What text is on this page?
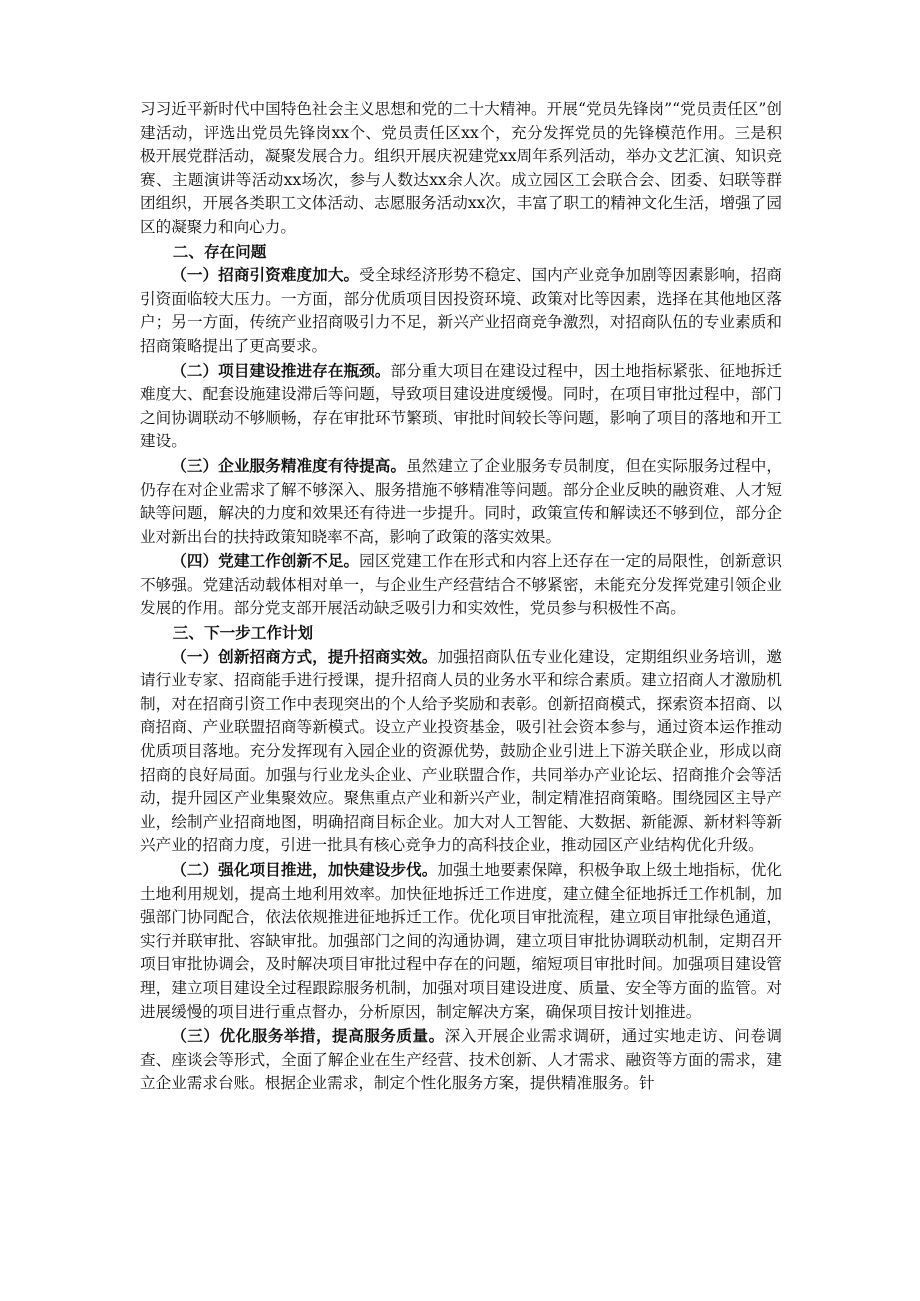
习习近平新时代中国特色社会主义思想和党的二十大精神。开展“党员先锋岗”“党员责任区”创建活动，评选出党员先锋岗xx个、党员责任区xx个，充分发挥党员的先锋模范作用。三是积极开展党群活动，凝聚发展合力。组织开展庆祝建党xx周年系列活动，举办文艺汇演、知识竞赛、主题演讲等活动xx场次，参与人数达xx余人次。成立园区工会联合会、团委、妇联等群团组织，开展各类职工文体活动、志愿服务活动xx次，丰富了职工的精神文化生活，增强了园区的凝聚力和向心力。

二、存在问题

（一）招商引资难度加大。受全球经济形势不稳定、国内产业竞争加剧等因素影响，招商引资面临较大压力。一方面，部分优质项目因投资环境、政策对比等因素，选择在其他地区落户；另一方面，传统产业招商吸引力不足，新兴产业招商竞争激烈，对招商队伍的专业素质和招商策略提出了更高要求。

（二）项目建设推进存在瓶颈。部分重大项目在建设过程中，因土地指标紧张、征地拆迁难度大、配套设施建设滞后等问题，导致项目建设进度缓慢。同时，在项目审批过程中，部门之间协调联动不够顺畅，存在审批环节繁琐、审批时间较长等问题，影响了项目的落地和开工建设。

（三）企业服务精准度有待提高。虽然建立了企业服务专员制度，但在实际服务过程中，仍存在对企业需求了解不够深入、服务措施不够精准等问题。部分企业反映的融资难、人才短缺等问题，解决的力度和效果还有待进一步提升。同时，政策宣传和解读还不够到位，部分企业对新出台的扶持政策知晓率不高，影响了政策的落实效果。

（四）党建工作创新不足。园区党建工作在形式和内容上还存在一定的局限性，创新意识不够强。党建活动载体相对单一，与企业生产经营结合不够紧密，未能充分发挥党建引领企业发展的作用。部分党支部开展活动缺乏吸引力和实效性，党员参与积极性不高。

三、下一步工作计划

（一）创新招商方式，提升招商实效。加强招商队伍专业化建设，定期组织业务培训，邀请行业专家、招商能手进行授课，提升招商人员的业务水平和综合素质。建立招商人才激励机制，对在招商引资工作中表现突出的个人给予奖励和表彰。创新招商模式，探索资本招商、以商招商、产业联盟招商等新模式。设立产业投资基金，吸引社会资本参与，通过资本运作推动优质项目落地。充分发挥现有入园企业的资源优势，鼓励企业引进上下游关联企业，形成以商招商的良好局面。加强与行业龙头企业、产业联盟合作，共同举办产业论坛、招商推介会等活动，提升园区产业集聚效应。聚焦重点产业和新兴产业，制定精准招商策略。围绕园区主导产业，绘制产业招商地图，明确招商目标企业。加大对人工智能、大数据、新能源、新材料等新兴产业的招商力度，引进一批具有核心竞争力的高科技企业，推动园区产业结构优化升级。

（二）强化项目推进，加快建设步伐。加强土地要素保障，积极争取上级土地指标，优化土地利用规划，提高土地利用效率。加快征地拆迁工作进度，建立健全征地拆迁工作机制，加强部门协同配合，依法依规推进征地拆迁工作。优化项目审批流程，建立项目审批绿色通道，实行并联审批、容缺审批。加强部门之间的沟通协调，建立项目审批协调联动机制，定期召开项目审批协调会，及时解决项目审批过程中存在的问题，缩短项目审批时间。加强项目建设管理，建立项目建设全过程跟踪服务机制，加强对项目建设进度、质量、安全等方面的监管。对进展缓慢的项目进行重点督办，分析原因，制定解决方案，确保项目按计划推进。

（三）优化服务举措，提高服务质量。深入开展企业需求调研，通过实地走访、问卷调查、座谈会等形式，全面了解企业在生产经营、技术创新、人才需求、融资等方面的需求，建立企业需求台账。根据企业需求，制定个性化服务方案，提供精准服务。针
